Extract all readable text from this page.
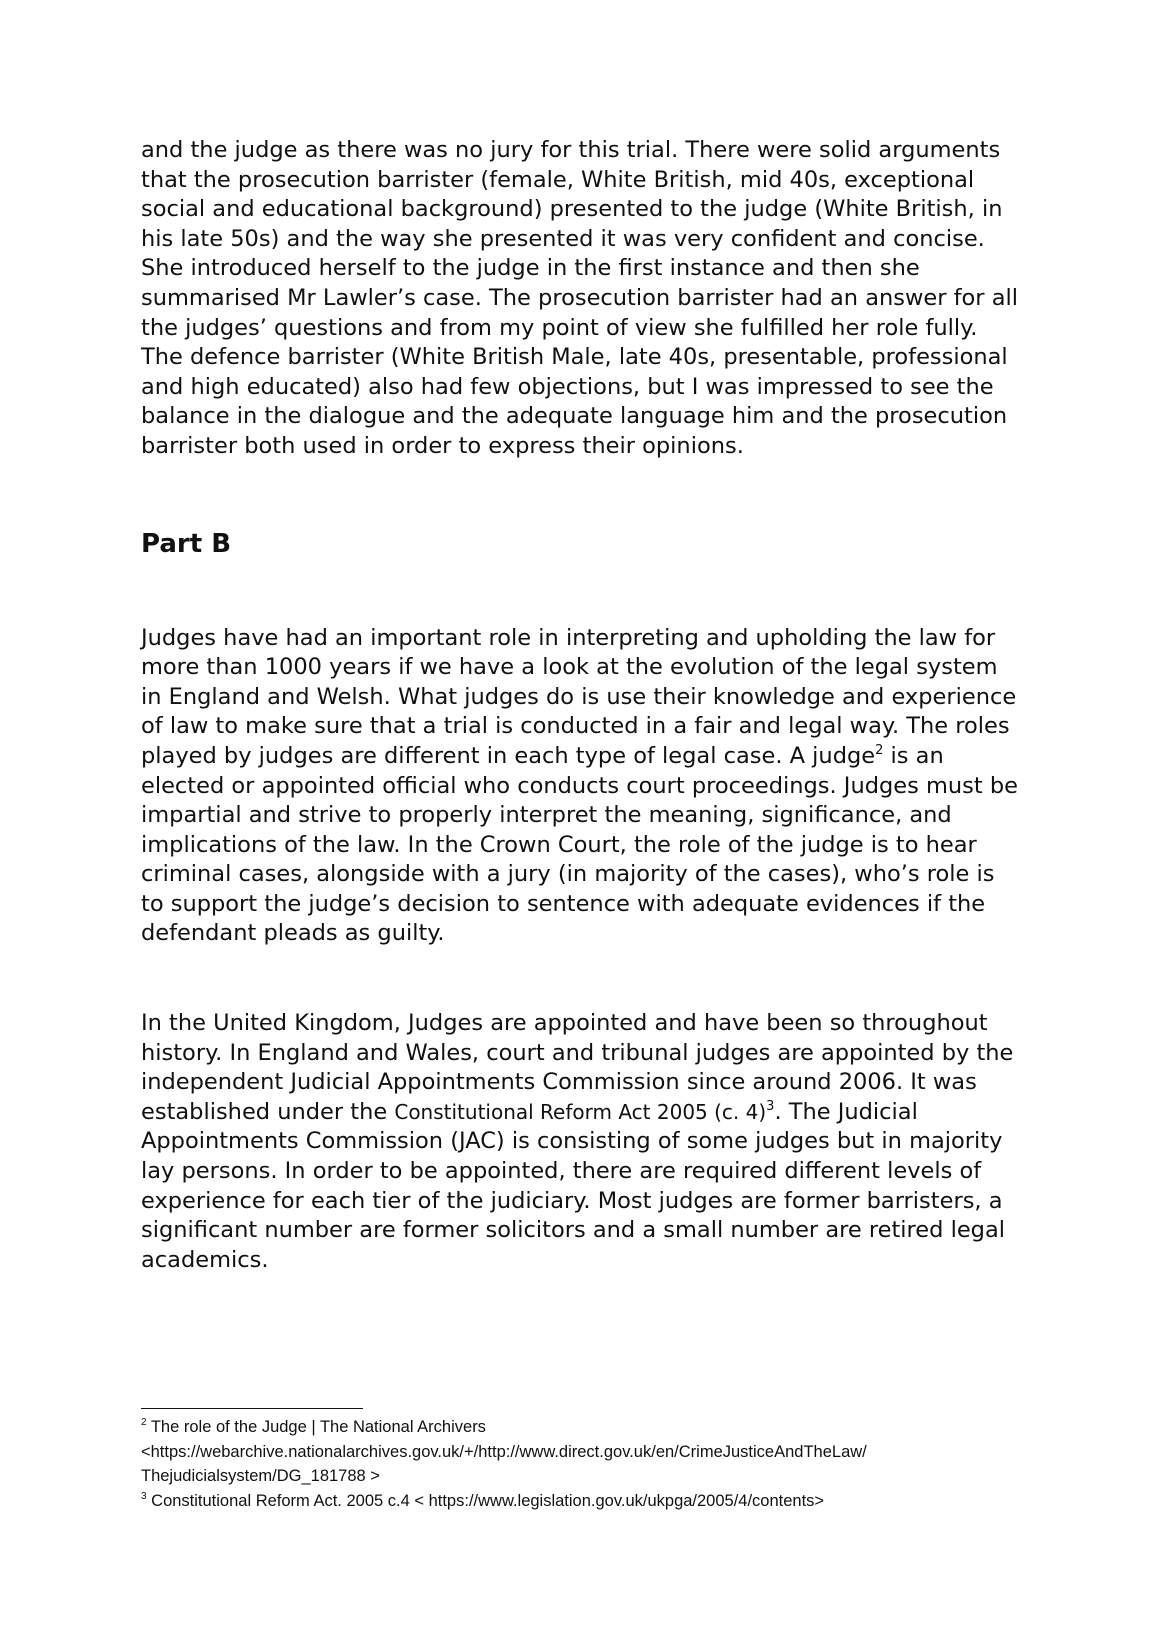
and the judge as there was no jury for this trial. There were solid arguments that the prosecution barrister (female, White British, mid 40s, exceptional social and educational background) presented to the judge (White British, in his late 50s) and the way she presented it was very confident and concise. She introduced herself to the judge in the first instance and then she summarised Mr Lawler’s case. The prosecution barrister had an answer for all the judges’ questions and from my point of view she fulfilled her role fully. The defence barrister (White British Male, late 40s, presentable, professional and high educated) also had few objections, but I was impressed to see the balance in the dialogue and the adequate language him and the prosecution barrister both used in order to express their opinions.

Part B

Judges have had an important role in interpreting and upholding the law for more than 1000 years if we have a look at the evolution of the legal system in England and Welsh. What judges do is use their knowledge and experience of law to make sure that a trial is conducted in a fair and legal way. The roles played by judges are different in each type of legal case. A judge$^2$ is an elected or appointed official who conducts court proceedings. Judges must be impartial and strive to properly interpret the meaning, significance, and implications of the law. In the Crown Court, the role of the judge is to hear criminal cases, alongside with a jury (in majority of the cases), who’s role is to support the judge’s decision to sentence with adequate evidences if the defendant pleads as guilty.

In the United Kingdom, Judges are appointed and have been so throughout history. In England and Wales, court and tribunal judges are appointed by the independent Judicial Appointments Commission since around 2006. It was established under the Constitutional Reform Act 2005 (c. 4)$^3$. The Judicial Appointments Commission (JAC) is consisting of some judges but in majority lay persons. In order to be appointed, there are required different levels of experience for each tier of the judiciary. Most judges are former barristers, a significant number are former solicitors and a small number are retired legal academics.

$^2$ The role of the Judge | The National Archivers

<https://webarchive.nationalarchives.gov.uk/+/http://www.direct.gov.uk/en/CrimeJusticeAndTheLaw/

Thejudicialsystem/DG_181788 >

$^3$ Constitutional Reform Act. 2005 c.4 < https://www.legislation.gov.uk/ukpga/2005/4/contents>
